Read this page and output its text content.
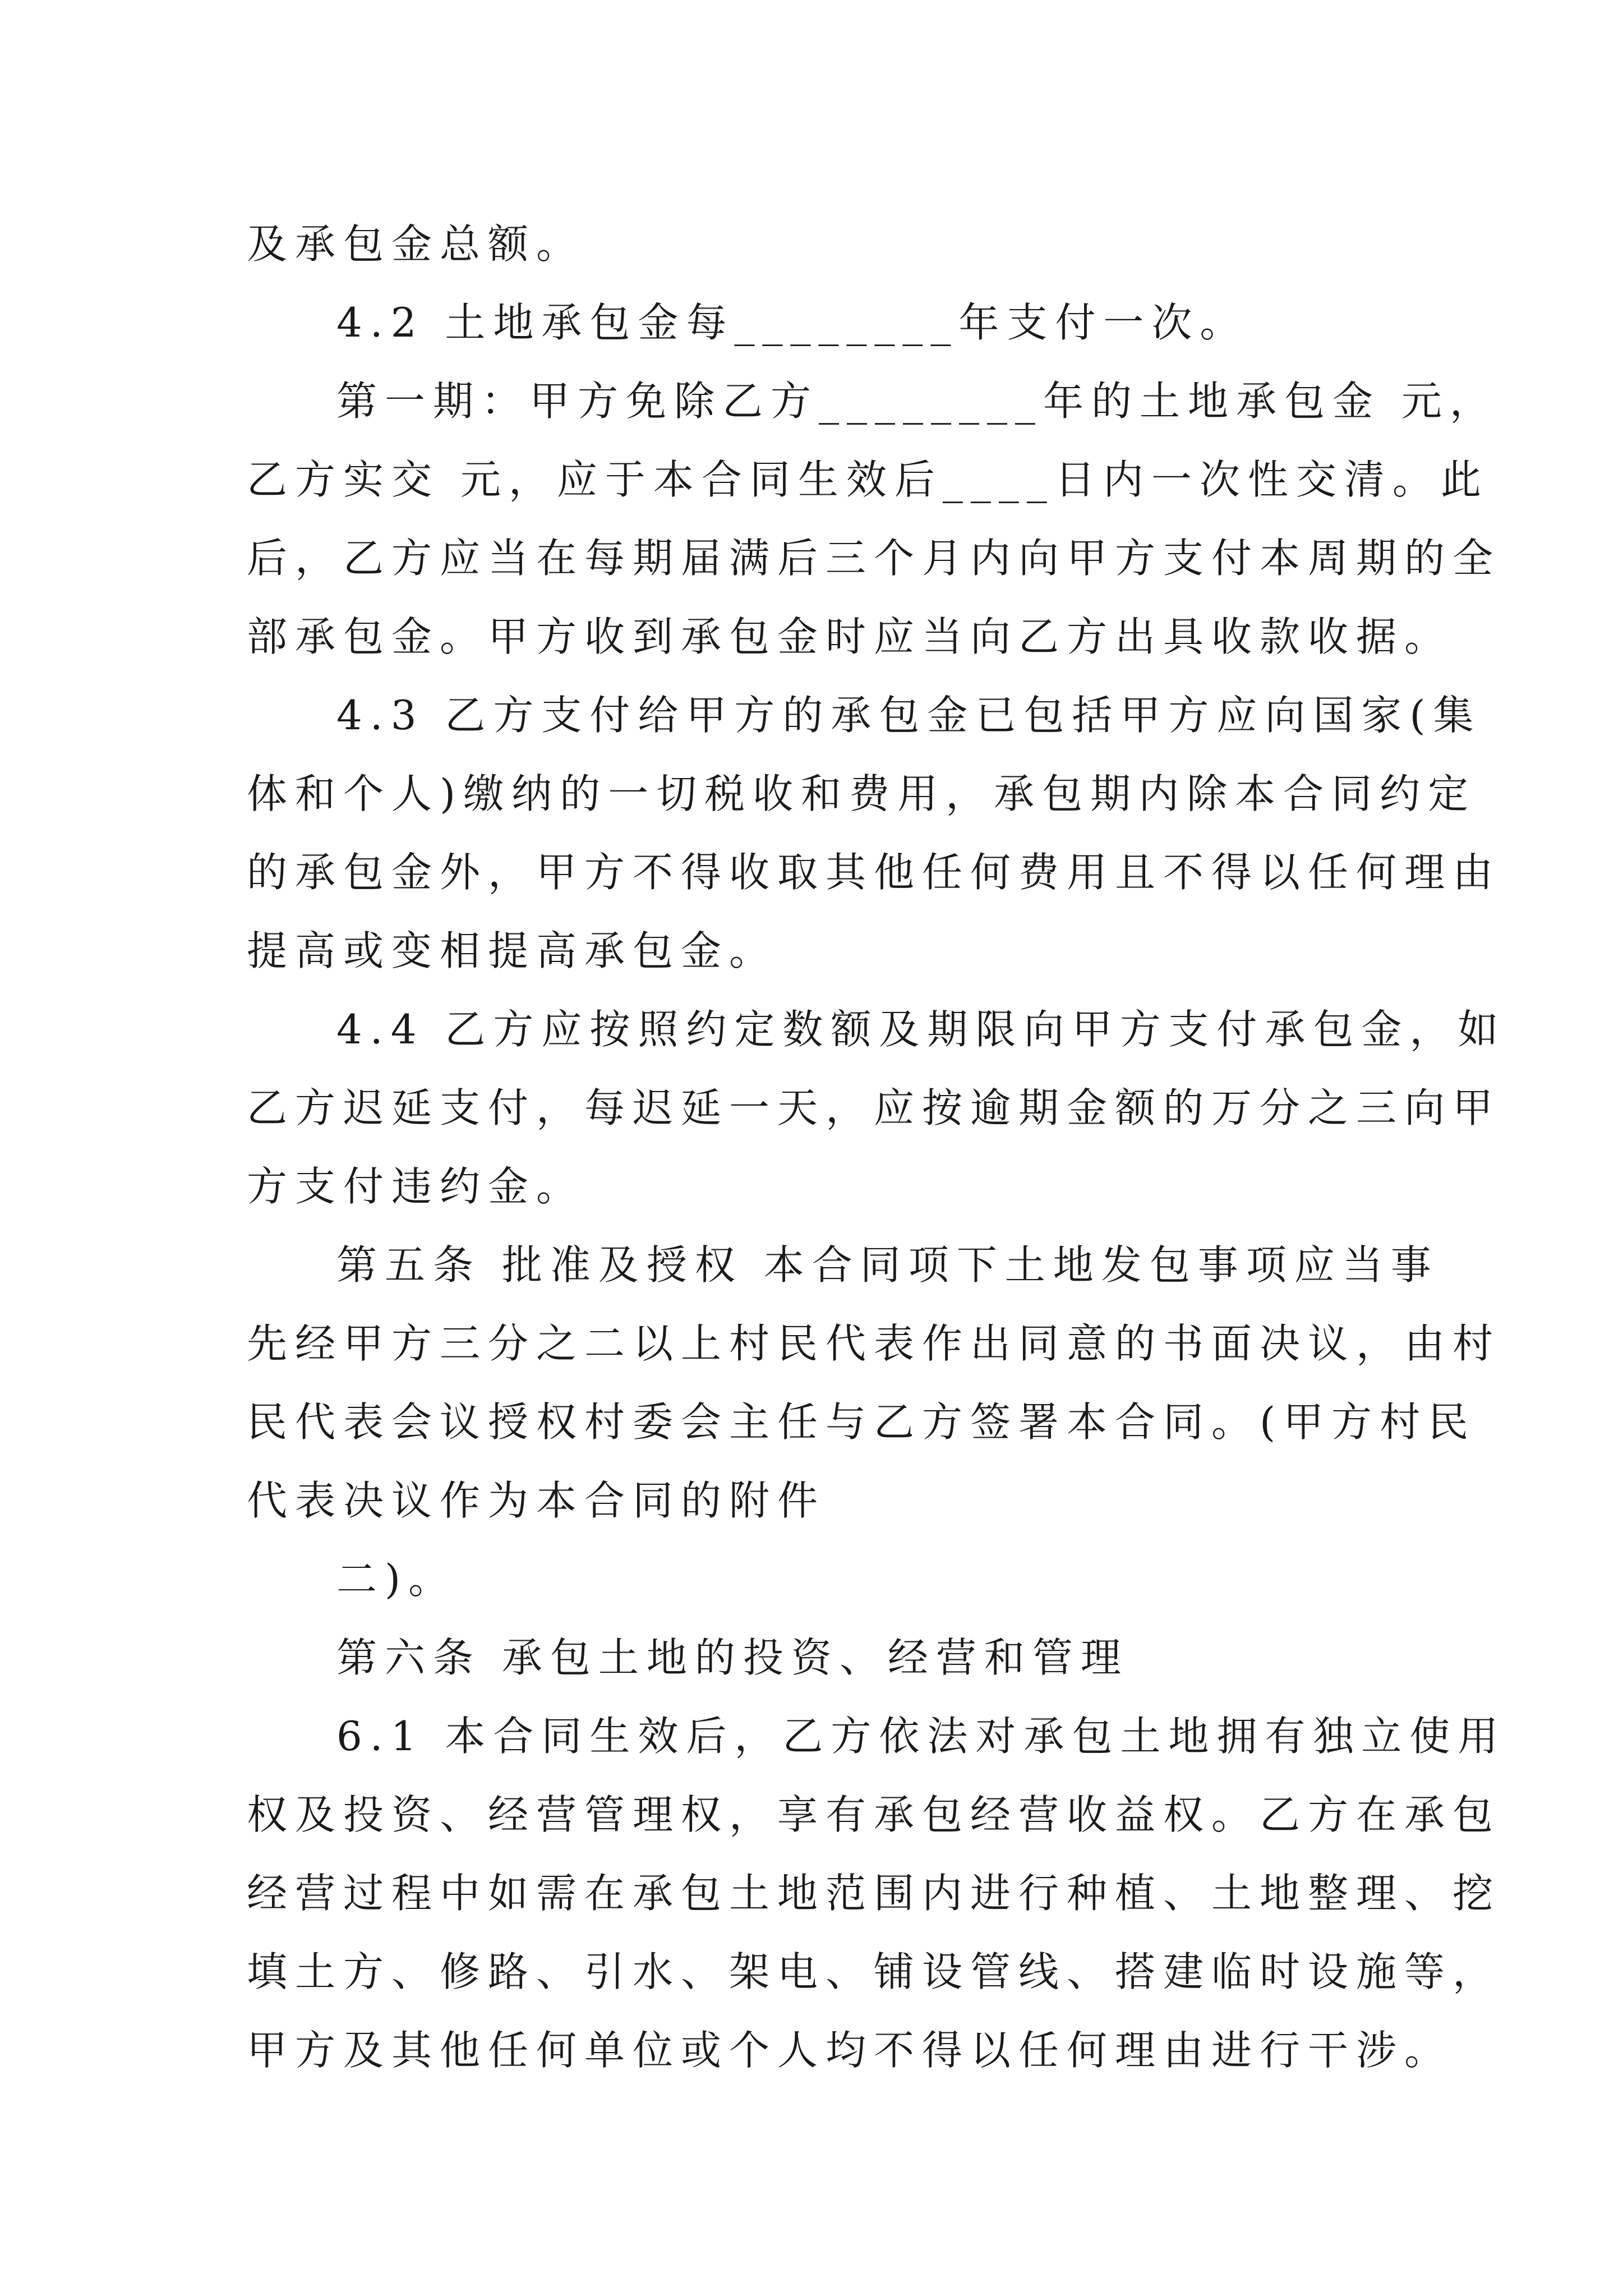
及承包金总额。
4.2 土地承包金每________年支付一次。
第一期：甲方免除乙方________年的土地承包金 元，
乙方实交 元，应于本合同生效后____日内一次性交清。此
后，乙方应当在每期届满后三个月内向甲方支付本周期的全
部承包金。甲方收到承包金时应当向乙方出具收款收据。
4.3 乙方支付给甲方的承包金已包括甲方应向国家(集
体和个人)缴纳的一切税收和费用，承包期内除本合同约定
的承包金外，甲方不得收取其他任何费用且不得以任何理由
提高或变相提高承包金。
4.4 乙方应按照约定数额及期限向甲方支付承包金，如
乙方迟延支付，每迟延一天，应按逾期金额的万分之三向甲
方支付违约金。
第五条 批准及授权 本合同项下土地发包事项应当事
先经甲方三分之二以上村民代表作出同意的书面决议，由村
民代表会议授权村委会主任与乙方签署本合同。(甲方村民
代表决议作为本合同的附件
二)。
第六条 承包土地的投资、经营和管理
6.1 本合同生效后，乙方依法对承包土地拥有独立使用
权及投资、经营管理权，享有承包经营收益权。乙方在承包
经营过程中如需在承包土地范围内进行种植、土地整理、挖
填土方、修路、引水、架电、铺设管线、搭建临时设施等，
甲方及其他任何单位或个人均不得以任何理由进行干涉。
